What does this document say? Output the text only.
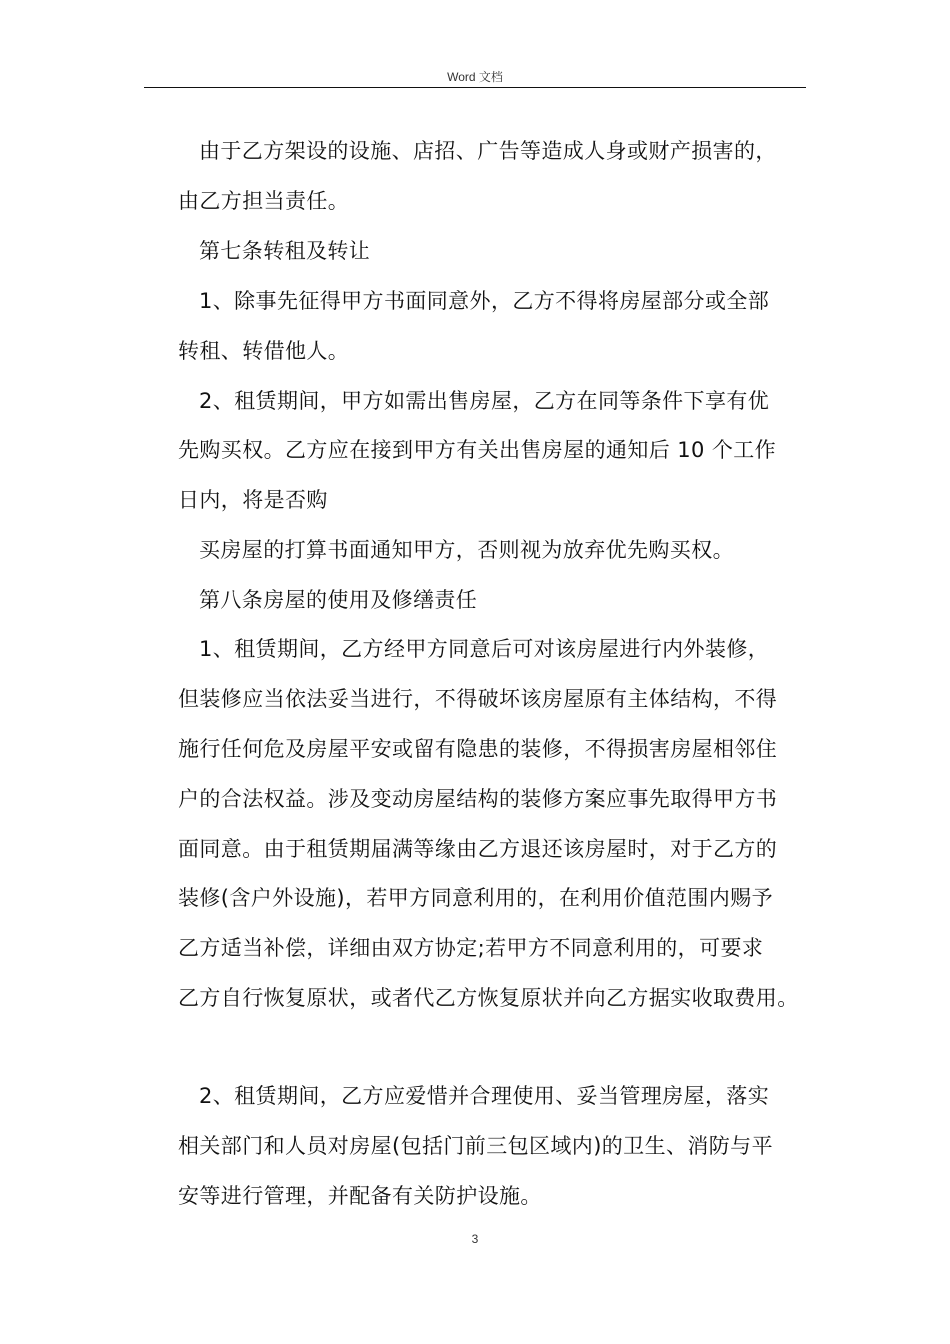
Word 文档
由于乙方架设的设施、店招、广告等造成人身或财产损害的，
由乙方担当责任。
第七条转租及转让
1、除事先征得甲方书面同意外，乙方不得将房屋部分或全部
转租、转借他人。
2、租赁期间，甲方如需出售房屋，乙方在同等条件下享有优
先购买权。乙方应在接到甲方有关出售房屋的通知后 10 个工作
日内，将是否购
买房屋的打算书面通知甲方，否则视为放弃优先购买权。
第八条房屋的使用及修缮责任
1、租赁期间，乙方经甲方同意后可对该房屋进行内外装修，
但装修应当依法妥当进行，不得破坏该房屋原有主体结构，不得
施行任何危及房屋平安或留有隐患的装修，不得损害房屋相邻住
户的合法权益。涉及变动房屋结构的装修方案应事先取得甲方书
面同意。由于租赁期届满等缘由乙方退还该房屋时，对于乙方的
装修(含户外设施)，若甲方同意利用的，在利用价值范围内赐予
乙方适当补偿，详细由双方协定;若甲方不同意利用的，可要求
乙方自行恢复原状，或者代乙方恢复原状并向乙方据实收取费用。
2、租赁期间，乙方应爱惜并合理使用、妥当管理房屋，落实
相关部门和人员对房屋(包括门前三包区域内)的卫生、消防与平
安等进行管理，并配备有关防护设施。
3
